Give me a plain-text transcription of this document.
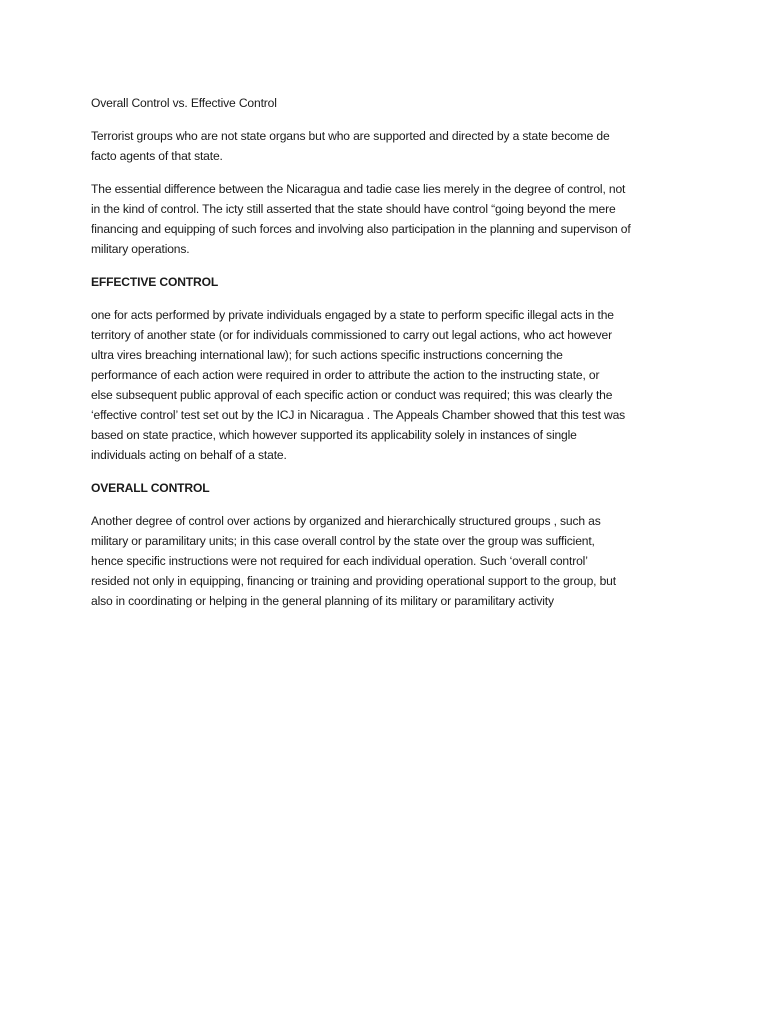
Overall Control vs. Effective Control

Terrorist groups who are not state organs but who are supported and directed by a state become de

facto agents of that state.

The essential difference between the Nicaragua and tadie case lies merely in the degree of control, not

in the kind of control. The icty still asserted that the state should have control “going beyond the mere

financing and equipping of such forces and involving also participation in the planning and supervison of

military operations.

EFFECTIVE CONTROL

one for acts performed by private individuals engaged by a state to perform specific illegal acts in the

territory of another state (or for individuals commissioned to carry out legal actions, who act however

ultra vires breaching international law); for such actions specific instructions concerning the

performance of each action were required in order to attribute the action to the instructing state, or

else subsequent public approval of each specific action or conduct was required; this was clearly the

‘effective control’ test set out by the ICJ in Nicaragua . The Appeals Chamber showed that this test was

based on state practice, which however supported its applicability solely in instances of single

individuals acting on behalf of a state.

OVERALL CONTROL

Another degree of control over actions by organized and hierarchically structured groups , such as

military or paramilitary units; in this case overall control by the state over the group was sufficient,

hence specific instructions were not required for each individual operation. Such ‘overall control’

resided not only in equipping, financing or training and providing operational support to the group, but

also in coordinating or helping in the general planning of its military or paramilitary activity
